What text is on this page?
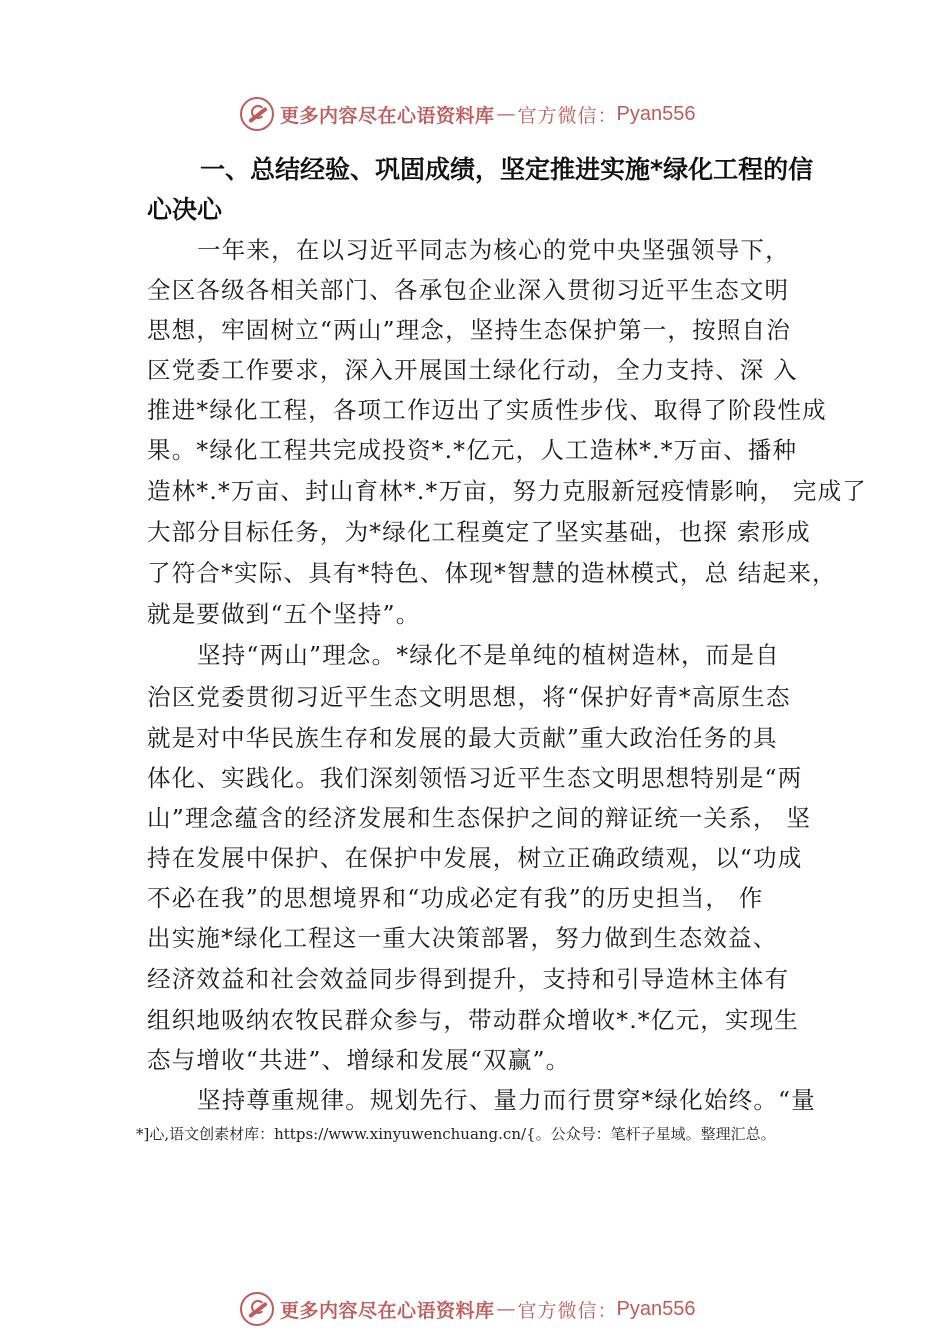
更多内容尽在心语资料库 — 官方微信 ： Pyan556
一、总结经验、巩固成绩，坚定推进实施*绿化工程的信
心决心
一年来，在以习近平同志为核心的党中央坚强领导下，
全区各级各相关部门、各承包企业深入贯彻习近平生态文明
思想，牢固树立“两山”理念，坚持生态保护第一，按照自治
区党委工作要求，深入开展国土绿化行动，全力支持、深 入
推进*绿化工程，各项工作迈出了实质性步伐、取得了阶段性成
果。*绿化工程共完成投资*.*亿元，人工造林*.*万亩、播种
造林*.*万亩、封山育林*.*万亩，努力克服新冠疫情影响， 完成了
大部分目标任务，为*绿化工程奠定了坚实基础，也探 索形成
了符合*实际、具有*特色、体现*智慧的造林模式，总 结起来，
就是要做到“五个坚持”。
坚持“两山”理念。*绿化不是单纯的植树造林，而是自
治区党委贯彻习近平生态文明思想，将“保护好青*高原生态
就是对中华民族生存和发展的最大贡献”重大政治任务的具
体化、实践化。我们深刻领悟习近平生态文明思想特别是“两
山”理念蕴含的经济发展和生态保护之间的辩证统一关系， 坚
持在发展中保护、在保护中发展，树立正确政绩观，以“功成
不必在我”的思想境界和“功成必定有我”的历史担当， 作
出实施*绿化工程这一重大决策部署，努力做到生态效益、
经济效益和社会效益同步得到提升，支持和引导造林主体有
组织地吸纳农牧民群众参与，带动群众增收*.*亿元，实现生
态与增收“共进”、增绿和发展“双赢”。
坚持尊重规律。规划先行、量力而行贯穿*绿化始终。“量
*]心,语文创素材库：https://www.xinyuwenchuang.cn/{。公众号：笔杆子星域。整理汇总。
更多内容尽在心语资料库 — 官方微信 ： Pyan556
